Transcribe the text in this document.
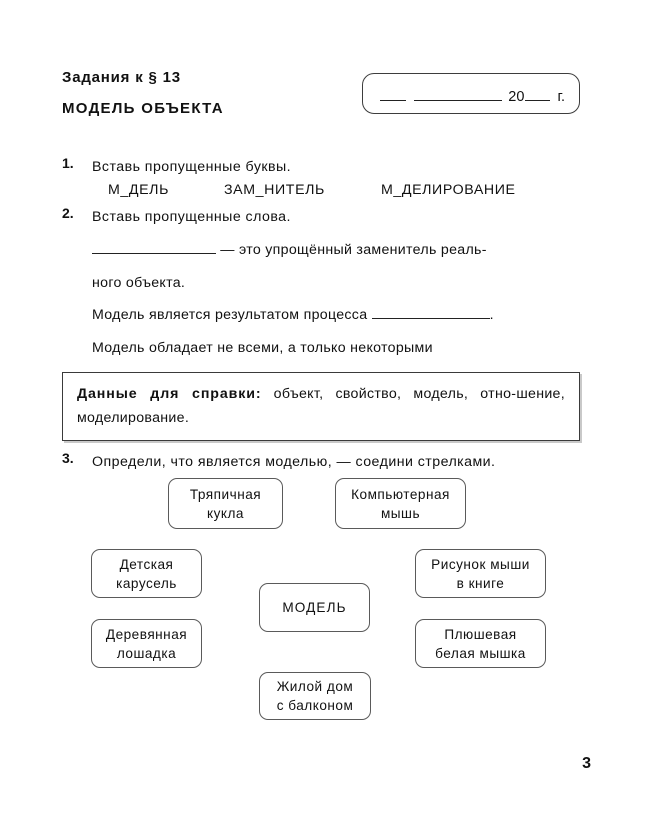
Задания к § 13
МОДЕЛЬ ОБЪЕКТА
20 г.
1.	Вставь пропущенные буквы.
М_ДЕЛЬ	ЗАМ_НИТЕЛЬ	М_ДЕЛИРОВАНИЕ
2.	Вставь пропущенные слова.
— это упрощённый заменитель реаль-
ного объекта.
Модель является результатом процесса	.
Модель обладает не всеми, а только некоторыми

Данные для справки: объект, свойство, модель, отно-шение, моделирование.
3.	Определи, что является моделью, — соедини стрелками.
Тряпичная
кукла
Компьютерная
мышь
Детская
карусель
Деревянная
лошадка
Рисунок мыши
в книге
Плюшевая
белая мышка
МОДЕЛЬ
Жилой дом
с балконом
3
